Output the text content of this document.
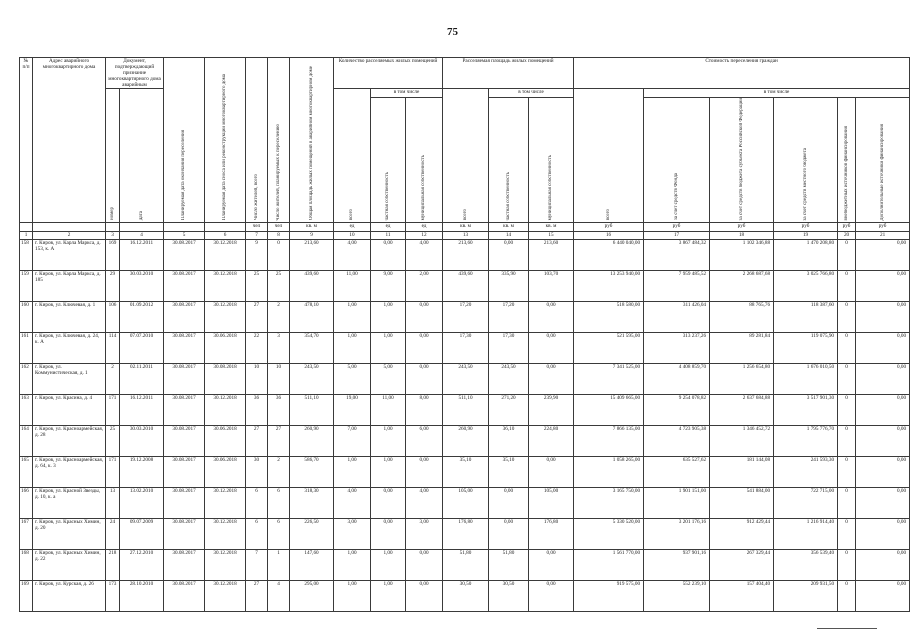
75
№ п/п	Адрес аварийного многоквартирного дома	Документ, подтверждающий признание многоквартирного дома аварийным		Планируемая дата окончания переселения	Планируемая дата сноса или реконструкции многоквартирного дома	Число жителей, всего	Число жителей, планируемых к переселению	Общая площадь жилых помещений в аварийном многоквартирном доме	Количество расселяемых жилых помещений			Расселяемая площадь жилых помещений			Стоимость переселения граждан					
		номер	дата						всего	в том числе		всего	в том числе		всего	в том числе				
										частная собственность	муниципальная собственность		частная собственность	муниципальная собственность		за счет средств Фонда	за счет средств бюджета субъекта Российской Федерации	за счет средств местного бюджета	внебюджетных источников финансирования	Дополнительные источники финансирования
						чел	чел	кв. м	ед	ед	ед	кв. м	кв. м	кв. м	руб	руб	руб	руб	руб	руб
1	2	3	4	5	6	7	8	9	10	11	12	13	14	15	16	17	18	19	20	21
158	г. Киров, ул. Карла Маркса, д. 153, к. А	169	16.12.2011	30.08.2017	30.12.2018	9	0	213,60	4,00	0,00	4,00	213,60	0,00	213,60	6 440 040,00	3 867 484,32	1 102 346,88	1 470 208,80	0	0,00
159	г. Киров, ул. Карла Маркса, д. 185	29	30.03.2010	30.08.2017	30.12.2018	25	25	439,60	11,00	9,00	2,00	439,60	335,90	103,70	13 253 940,00	7 959 485,52	2 268 687,68	3 025 766,80	0	0,00
160	г. Киров, ул. Ключевая, д. 1	106	01.09.2012	30.08.2017	30.12.2018	27	2	478,10	1,00	1,00	0,00	17,20	17,20	0,00	518 580,00	311 426,04	88 765,76	118 387,60	0	0,00
161	г. Киров, ул. Ключевая, д. 24, к. А	114	07.07.2010	30.08.2017	30.06.2018	22	3	354,70	1,00	1,00	0,00	17,30	17,30	0,00	521 595,00	313 237,26	89 281,84	119 075,90	0	0,00
162	г. Киров, ул. Коммунистическая, д. 1	2	02.11.2011	30.08.2017	30.08.2018	10	10	243,50	5,00	5,00	0,00	243,50	243,50	0,00	7 341 525,00	4 408 859,70	1 256 654,80	1 676 010,50	0	0,00
163	г. Киров, ул. Красина, д. 4	171	16.12.2011	30.08.2017	30.12.2018	36	36	511,10	19,00	11,00	8,00	511,10	271,20	239,90	15 409 665,00	9 254 078,82	2 637 684,88	3 517 901,30	0	0,00
164	г. Киров, ул. Красноармейская, д. 28	25	30.03.2010	30.08.2017	30.06.2018	27	27	260,90	7,00	1,00	6,00	260,90	36,10	224,80	7 866 135,00	4 723 905,38	1 346 452,72	1 795 776,70	0	0,00
165	г. Киров, ул. Красноармейская, д. 64, к. 3	171	19.12.2008	30.08.2017	30.06.2018	30	2	586,70	1,00	1,00	0,00	35,10	35,10	0,00	1 058 265,00	635 527,62	181 144,08	241 593,30	0	0,00
166	г. Киров, ул. Красной Звезды, д. 10, к. а	13	13.02.2010	30.08.2017	30.12.2018	6	6	318,30	4,00	0,00	4,00	105,00	0,00	105,00	3 165 750,00	1 901 151,00	541 884,00	722 715,00	0	0,00
167	г. Киров, ул. Красных Химин, д. 20	24	09.07.2009	30.08.2017	30.12.2018	6	6	226,50	3,00	0,00	3,00	176,80	0,00	176,80	5 330 520,00	3 201 176,16	912 429,44	1 216 914,40	0	0,00
168	г. Киров, ул. Красных Химин, д. 22	218	27.12.2010	30.08.2017	30.12.2018	7	1	147,60	1,00	1,00	0,00	51,80	51,80	0,00	1 561 770,00	937 901,16	267 329,44	356 539,40	0	0,00
169	г. Киров, ул. Курская, д. 26	173	28.10.2010	30.08.2017	30.12.2018	27	4	295,00	1,00	1,00	0,00	30,50	30,50	0,00	919 575,00	552 239,10	157 404,40	209 931,50	0	0,00
